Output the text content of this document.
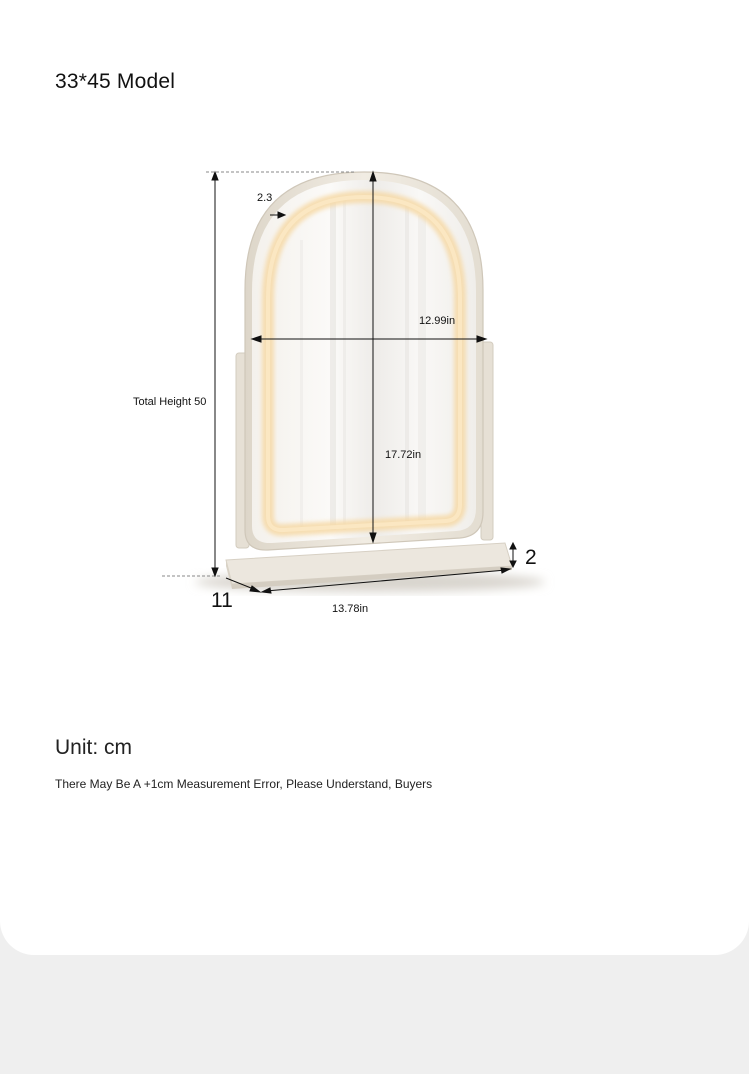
33*45 Model
2.3
12.99in
Total Height 50
17.72in
2
11	13.78in
Unit: cm
There May Be A +1cm Measurement Error, Please Understand, Buyers
